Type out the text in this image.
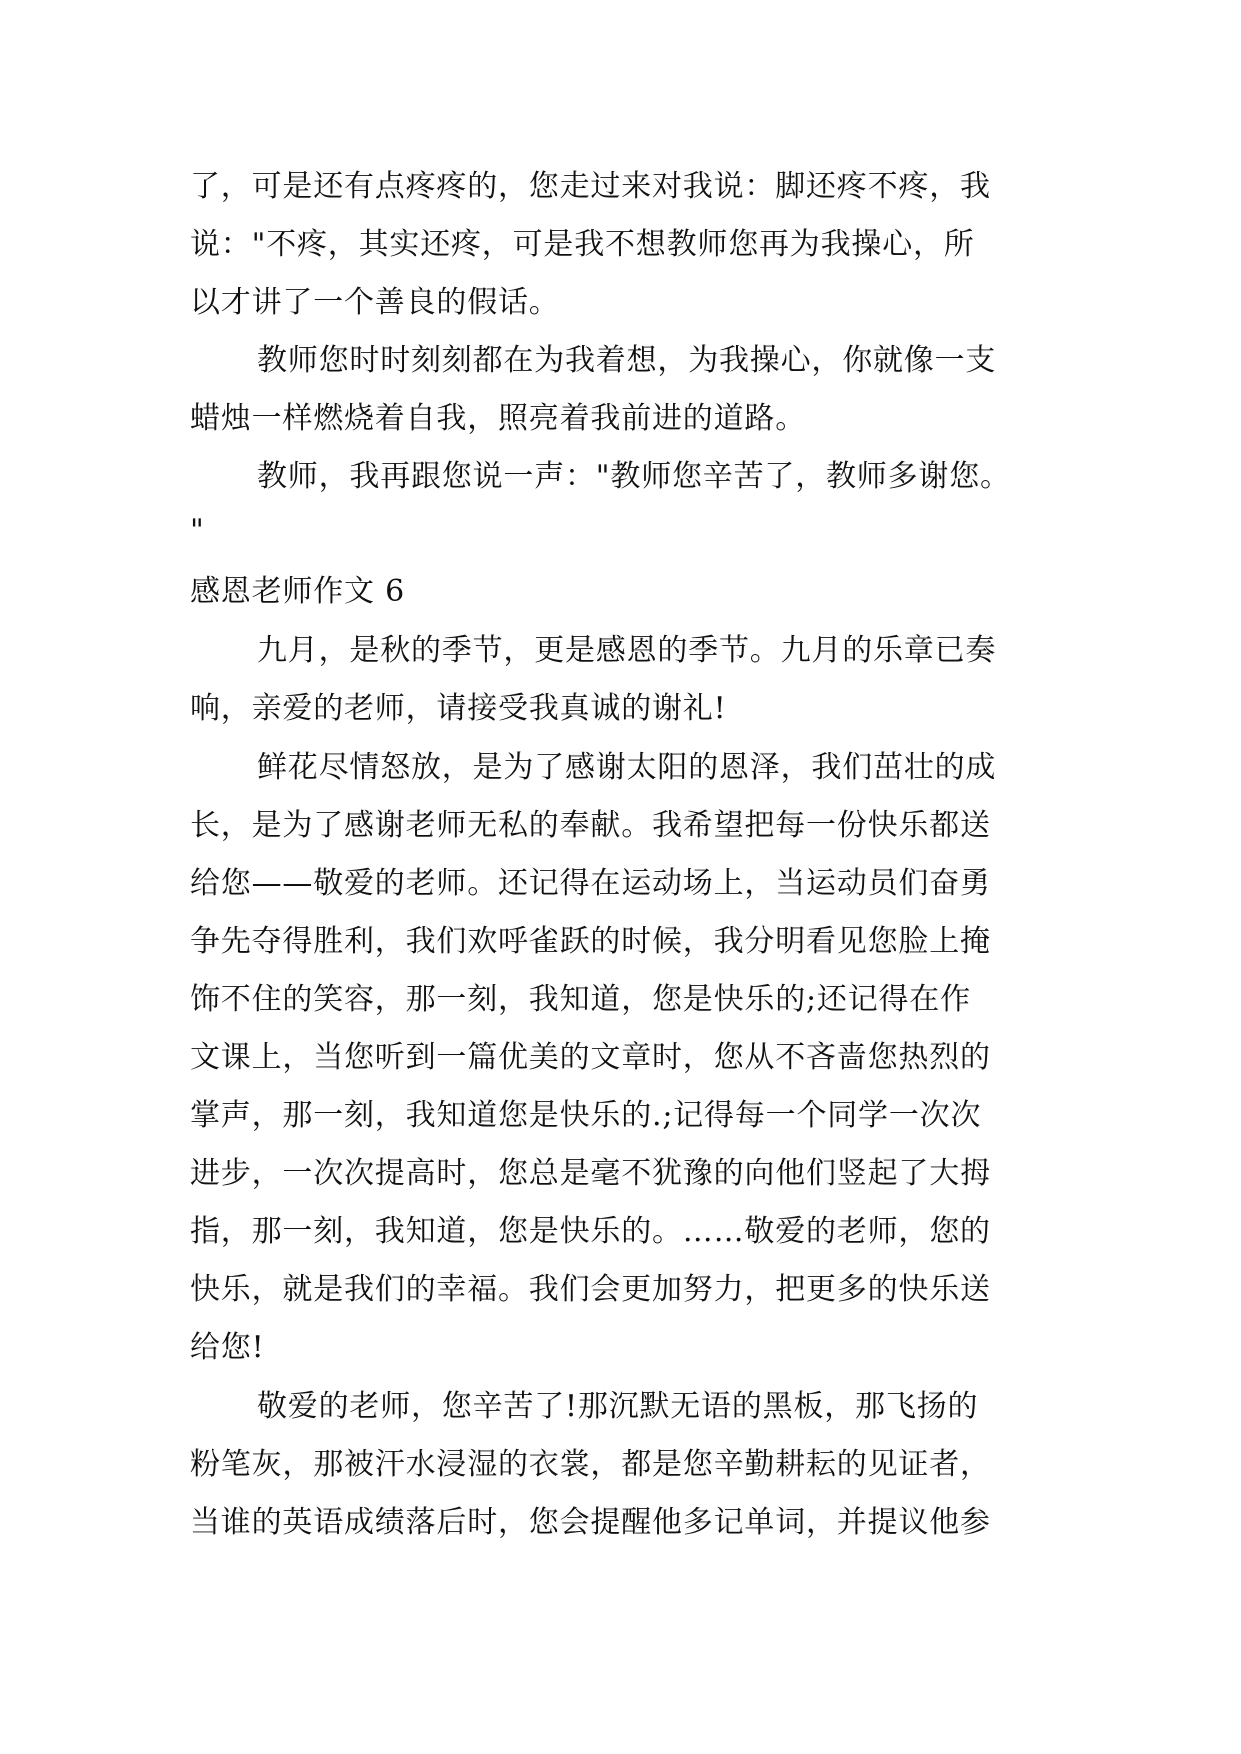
了，可是还有点疼疼的，您走过来对我说：脚还疼不疼，我
说："不疼，其实还疼，可是我不想教师您再为我操心，所
以才讲了一个善良的假话。
教师您时时刻刻都在为我着想，为我操心，你就像一支
蜡烛一样燃烧着自我，照亮着我前进的道路。
教师，我再跟您说一声："教师您辛苦了，教师多谢您。
"
感恩老师作文 6
九月，是秋的季节，更是感恩的季节。九月的乐章已奏
响，亲爱的老师，请接受我真诚的谢礼!
鲜花尽情怒放，是为了感谢太阳的恩泽，我们茁壮的成
长，是为了感谢老师无私的奉献。我希望把每一份快乐都送
给您——敬爱的老师。还记得在运动场上，当运动员们奋勇
争先夺得胜利，我们欢呼雀跃的时候，我分明看见您脸上掩
饰不住的笑容，那一刻，我知道，您是快乐的;还记得在作
文课上，当您听到一篇优美的文章时，您从不吝啬您热烈的
掌声，那一刻，我知道您是快乐的.;记得每一个同学一次次
进步，一次次提高时，您总是毫不犹豫的向他们竖起了大拇
指，那一刻，我知道，您是快乐的。……敬爱的老师，您的
快乐，就是我们的幸福。我们会更加努力，把更多的快乐送
给您!
敬爱的老师，您辛苦了!那沉默无语的黑板，那飞扬的
粉笔灰，那被汗水浸湿的衣裳，都是您辛勤耕耘的见证者，
当谁的英语成绩落后时，您会提醒他多记单词，并提议他参
